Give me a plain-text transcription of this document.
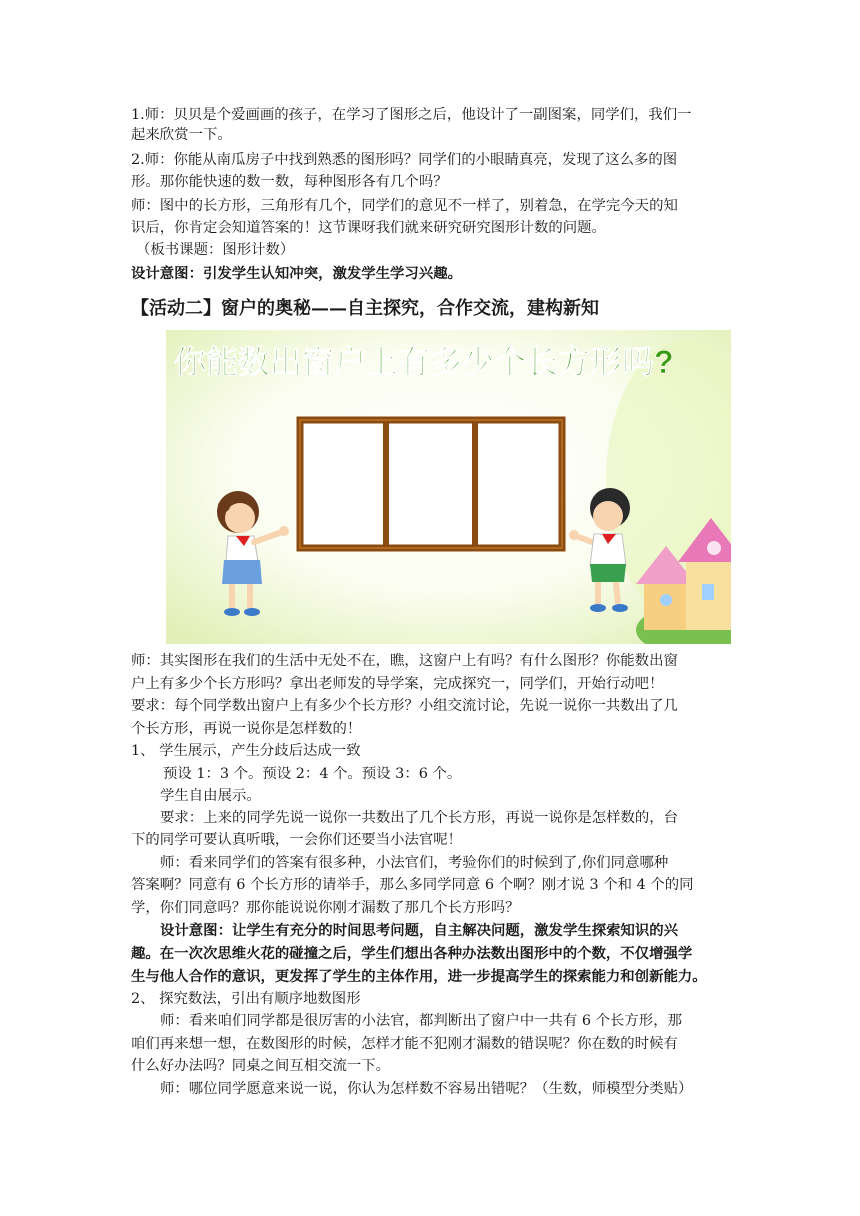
1.师：贝贝是个爱画画的孩子，在学习了图形之后，他设计了一副图案，同学们，我们一
起来欣赏一下。
2.师：你能从南瓜房子中找到熟悉的图形吗？同学们的小眼睛真亮，发现了这么多的图
形。那你能快速的数一数，每种图形各有几个吗？
师：图中的长方形，三角形有几个，同学们的意见不一样了，别着急，在学完今天的知
识后，你肯定会知道答案的！这节课呀我们就来研究研究图形计数的问题。
（板书课题：图形计数）
设计意图：引发学生认知冲突，激发学生学习兴趣。
【活动二】窗户的奥秘——自主探究，合作交流，建构新知
你能数出窗户上有多少个长方形吗?
师：其实图形在我们的生活中无处不在，瞧，这窗户上有吗？有什么图形？你能数出窗
户上有多少个长方形吗？拿出老师发的导学案，完成探究一，同学们，开始行动吧！
要求：每个同学数出窗户上有多少个长方形？小组交流讨论，先说一说你一共数出了几
个长方形，再说一说你是怎样数的！
1、 学生展示，产生分歧后达成一致
预设 1：3 个。预设 2：4 个。预设 3：6 个。
学生自由展示。
要求：上来的同学先说一说你一共数出了几个长方形，再说一说你是怎样数的，台
下的同学可要认真听哦，一会你们还要当小法官呢！
师：看来同学们的答案有很多种，小法官们，考验你们的时候到了,你们同意哪种
答案啊？同意有 6 个长方形的请举手，那么多同学同意 6 个啊？刚才说 3 个和 4 个的同
学，你们同意吗？那你能说说你刚才漏数了那几个长方形吗？
设计意图：让学生有充分的时间思考问题，自主解决问题，激发学生探索知识的兴
趣。在一次次思维火花的碰撞之后，学生们想出各种办法数出图形中的个数，不仅增强学
生与他人合作的意识，更发挥了学生的主体作用，进一步提高学生的探索能力和创新能力。
2、 探究数法，引出有顺序地数图形
师：看来咱们同学都是很厉害的小法官，都判断出了窗户中一共有 6 个长方形，那
咱们再来想一想，在数图形的时候，怎样才能不犯刚才漏数的错误呢？你在数的时候有
什么好办法吗？同桌之间互相交流一下。
师：哪位同学愿意来说一说，你认为怎样数不容易出错呢？（生数，师模型分类贴）
